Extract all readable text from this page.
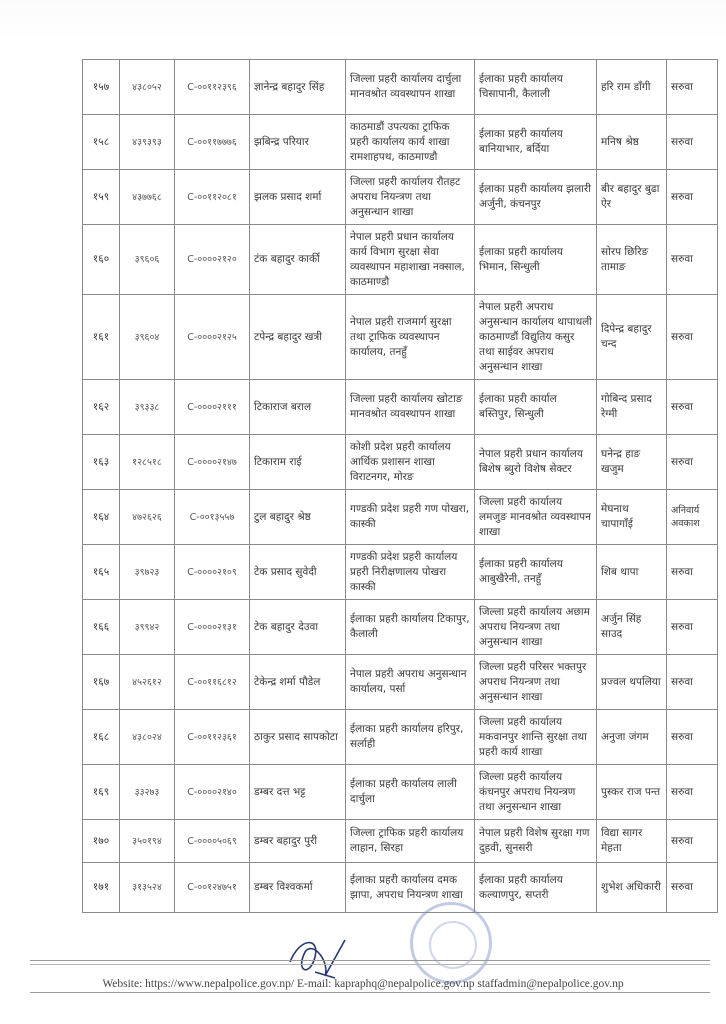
१५७	४३८०५२	C-००११२३९६	ज्ञानेन्द्र बहादुर सिंह	जिल्ला प्रहरी कार्यालय दार्चुला मानवश्रोत व्यवस्थापन शाखा	ईलाका प्रहरी कार्यालय चिसापानी, कैलाली	हरि राम डाँगी	सरुवा
१५८	४३९३९३	C-००११७७७६	झबिन्द्र परियार	काठमाडौं उपत्यका ट्राफिक प्रहरी कार्यालय कार्य शाखा रामशाहपथ, काठमाण्डौ	ईलाका प्रहरी कार्यालय बानियाभार, बर्दिया	मनिष श्रेष्ठ	सरुवा
१५९	४३७७६८	C-००११२०८१	झलक प्रसाद शर्मा	जिल्ला प्रहरी कार्यालय रौतहट अपराध नियन्त्रण तथा अनुसन्धान शाखा	ईलाका प्रहरी कार्यालय झलारी अर्जुनी, कंचनपुर	बीर बहादुर बुढा ऐर	सरुवा
१६०	३९६०६	C-००००२१२०	टंक बहादुर कार्की	नेपाल प्रहरी प्रधान कार्यालय कार्य विभाग सुरक्षा सेवा व्यवस्थापन महाशाखा नक्साल, काठमाण्डौ	ईलाका प्रहरी कार्यालय भिमान, सिन्धुली	सोरप छिरिङ तामाङ	सरुवा
१६१	३९६०४	C-००००२१२५	टपेन्द्र बहादुर खत्री	नेपाल प्रहरी राजमार्ग सुरक्षा तथा ट्राफिक व्यवस्थापन कार्यालय, तनहुँ	नेपाल प्रहरी अपराध अनुसन्धान कार्यालय थापाथली काठमाण्डौं विद्युतिय कसुर तथा साईवर अपराध अनुसन्धान शाखा	दिपेन्द्र बहादुर चन्द	सरुवा
१६२	३९३३८	C-००००२१११	टिकाराज बराल	जिल्ला प्रहरी कार्यालय खोटाङ मानवश्रोत व्यवस्थापन शाखा	ईलाका प्रहरी कार्याल बस्तिपुर, सिन्धुली	गोबिन्द प्रसाद रेग्मी	सरुवा
१६३	१२८५१८	C-००००२१४७	टिकाराम राई	कोशी प्रदेश प्रहरी कार्यालय आर्थिक प्रशासन शाखा विराटनगर, मोरङ	नेपाल प्रहरी प्रधान कार्यालय बिशेष ब्युरो विशेष सेक्टर	घनेन्द्र हाङ खजुम	सरुवा
१६४	४७२६२६	C-००१३५५७	टुल बहादुर श्रेष्ठ	गण्डकी प्रदेश प्रहरी गण पोखरा, कास्की	जिल्ला प्रहरी कार्यालय लमजुङ मानवश्रोत व्यवस्थापन शाखा	मेघनाथ चापागाँई	अनिवार्य अवकाश
१६५	३९७२३	C-००००२१०९	टेक प्रसाद सुवेदी	गण्डकी प्रदेश प्रहरी कार्यालय प्रहरी निरीक्षणालय पोखरा कास्की	ईलाका प्रहरी कार्यालय आबुखैरेनी, तनहुँ	शिब थापा	सरुवा
१६६	३९९४२	C-००००२१३१	टेक बहादुर देउवा	ईलाका प्रहरी कार्यालय टिकापुर, कैलाली	जिल्ला प्रहरी कार्यालय अछाम अपराध नियन्त्रण तथा अनुसन्धान शाखा	अर्जुन सिंह साउद	सरुवा
१६७	४५२६१२	C-००११६८१२	टेकेन्द्र शर्मा पौडेल	नेपाल प्रहरी अपराध अनुसन्धान कार्यालय, पर्सा	जिल्ला प्रहरी परिसर भक्तपुर अपराध नियन्त्रण तथा अनुसन्धान शाखा	प्रज्वल थपलिया	सरुवा
१६८	४३८०२४	C-००११२३६१	ठाकुर प्रसाद सापकोटा	ईलाका प्रहरी कार्यालय हरिपुर, सर्लाही	जिल्ला प्रहरी कार्यालय मकवानपुर शान्ति सुरक्षा तथा प्रहरी कार्य शाखा	अनुजा जंगम	सरुवा
१६९	३३२७३	C-००००२१४०	डम्बर दत्त भट्ट	ईलाका प्रहरी कार्यालय लाली दार्चुला	जिल्ला प्रहरी कार्यालय कंचनपुर अपराध नियन्त्रण तथा अनुसन्धान शाखा	पुस्कर राज पन्त	सरुवा
१७०	३५०१९४	C-००००५०६९	डम्बर बहादुर पुरी	जिल्ला ट्राफिक प्रहरी कार्यालय लाहान, सिरहा	नेपाल प्रहरी विशेष सुरक्षा गण दुहवी, सुनसरी	विद्या सागर मेहता	सरुवा
१७१	३१३५२४	C-००१२४७५१	डम्बर विश्वकर्मा	ईलाका प्रहरी कार्यालय दमक झापा, अपराध नियन्त्रण शाखा	ईलाका प्रहरी कार्यालय कल्याणपुर, सप्तरी	शुभेश अधिकारी	सरुवा
Website: https://www.nepalpolice.gov.np/ E-mail: kapraphq@nepalpolice.gov.np staffadmin@nepalpolice.gov.np
